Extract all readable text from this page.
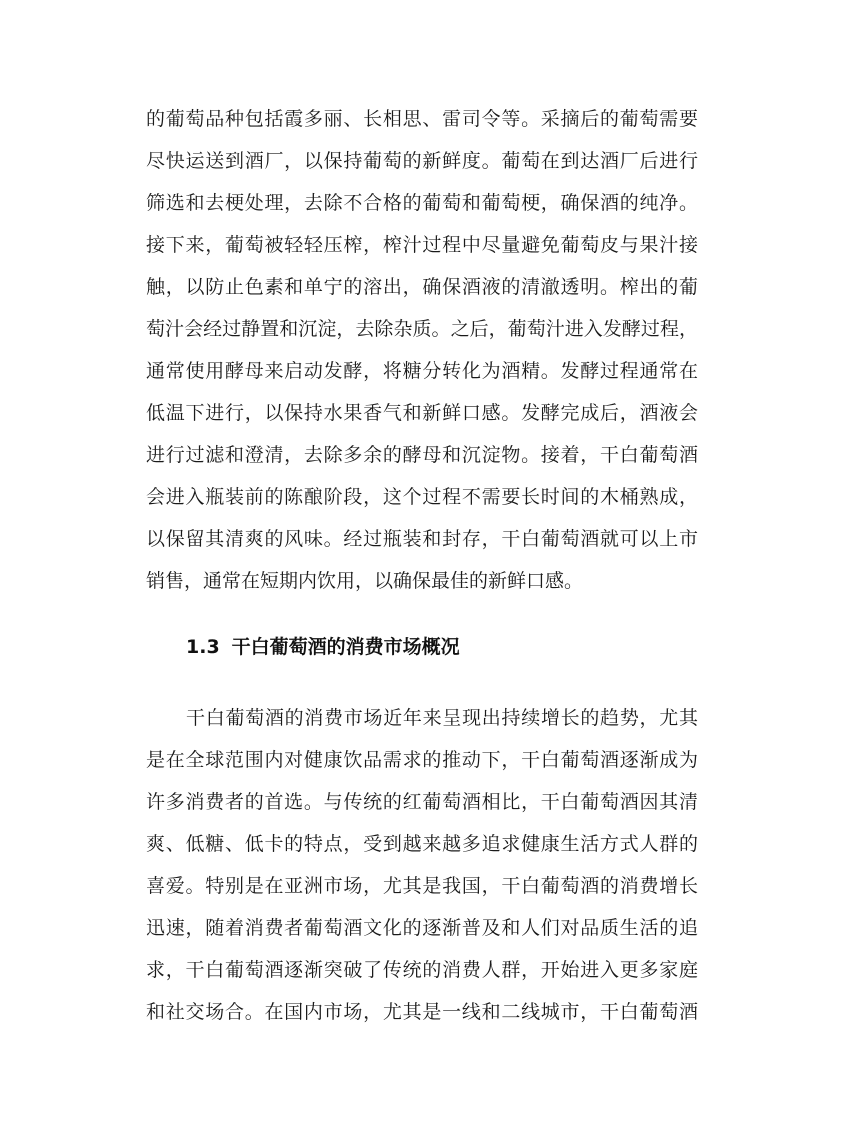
的葡萄品种包括霞多丽、长相思、雷司令等。采摘后的葡萄需要
尽快运送到酒厂，以保持葡萄的新鲜度。葡萄在到达酒厂后进行
筛选和去梗处理，去除不合格的葡萄和葡萄梗，确保酒的纯净。
接下来，葡萄被轻轻压榨，榨汁过程中尽量避免葡萄皮与果汁接
触，以防止色素和单宁的溶出，确保酒液的清澈透明。榨出的葡
萄汁会经过静置和沉淀，去除杂质。之后，葡萄汁进入发酵过程，
通常使用酵母来启动发酵，将糖分转化为酒精。发酵过程通常在
低温下进行，以保持水果香气和新鲜口感。发酵完成后，酒液会
进行过滤和澄清，去除多余的酵母和沉淀物。接着，干白葡萄酒
会进入瓶装前的陈酿阶段，这个过程不需要长时间的木桶熟成，
以保留其清爽的风味。经过瓶装和封存，干白葡萄酒就可以上市
销售，通常在短期内饮用，以确保最佳的新鲜口感。
1.3 干白葡萄酒的消费市场概况
干白葡萄酒的消费市场近年来呈现出持续增长的趋势，尤其
是在全球范围内对健康饮品需求的推动下，干白葡萄酒逐渐成为
许多消费者的首选。与传统的红葡萄酒相比，干白葡萄酒因其清
爽、低糖、低卡的特点，受到越来越多追求健康生活方式人群的
喜爱。特别是在亚洲市场，尤其是我国，干白葡萄酒的消费增长
迅速，随着消费者葡萄酒文化的逐渐普及和人们对品质生活的追
求，干白葡萄酒逐渐突破了传统的消费人群，开始进入更多家庭
和社交场合。在国内市场，尤其是一线和二线城市，干白葡萄酒
